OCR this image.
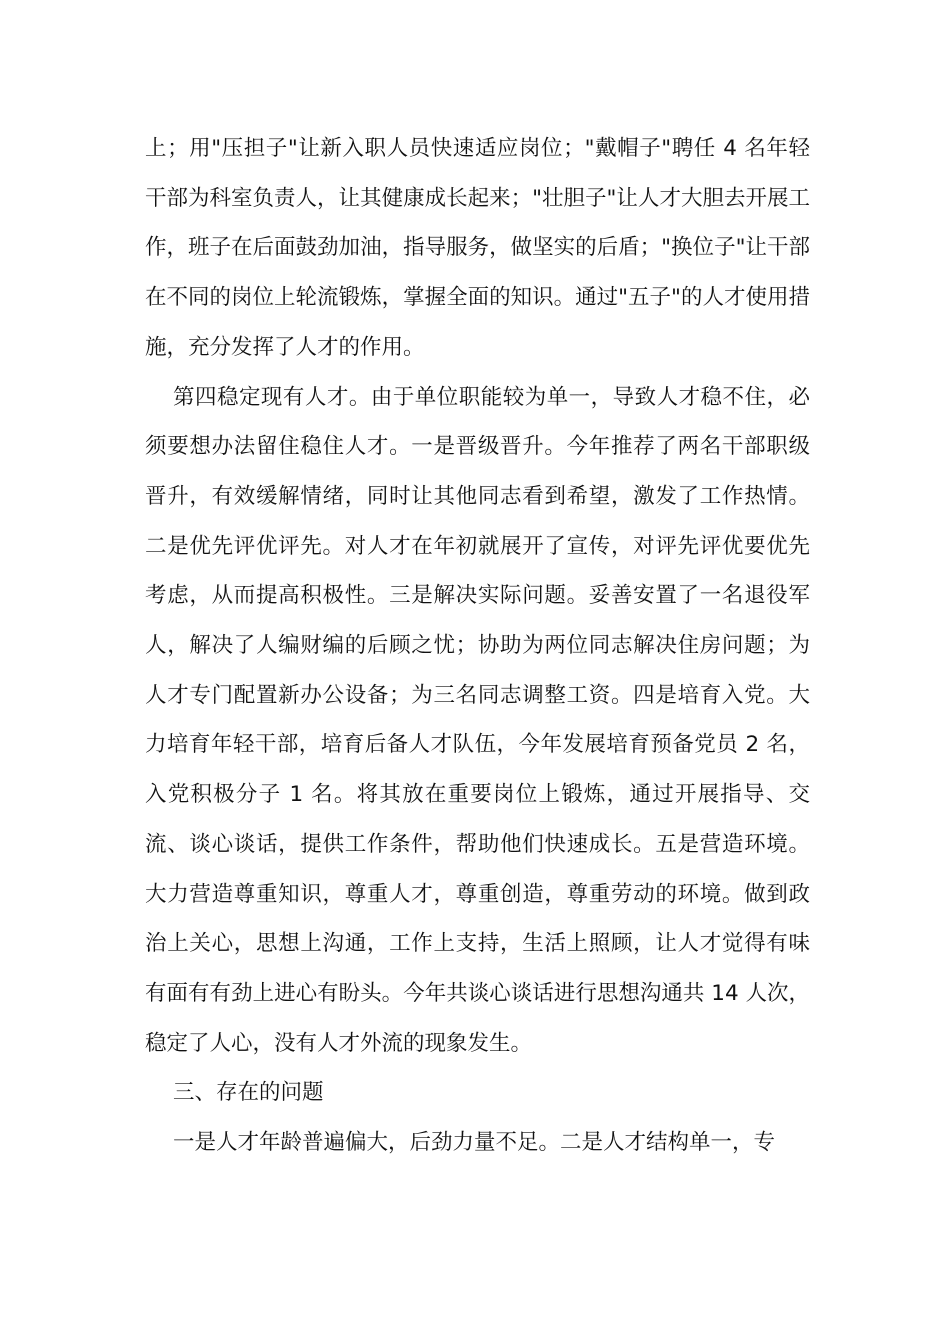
上；用"压担子"让新入职人员快速适应岗位；"戴帽子"聘任 4 名年轻干部为科室负责人，让其健康成长起来；"壮胆子"让人才大胆去开展工作，班子在后面鼓劲加油，指导服务，做坚实的后盾；"换位子"让干部在不同的岗位上轮流锻炼，掌握全面的知识。通过"五子"的人才使用措施，充分发挥了人才的作用。

第四稳定现有人才。由于单位职能较为单一，导致人才稳不住，必须要想办法留住稳住人才。一是晋级晋升。今年推荐了两名干部职级晋升，有效缓解情绪，同时让其他同志看到希望，激发了工作热情。二是优先评优评先。对人才在年初就展开了宣传，对评先评优要优先考虑，从而提高积极性。三是解决实际问题。妥善安置了一名退役军人，解决了人编财编的后顾之忧；协助为两位同志解决住房问题；为人才专门配置新办公设备；为三名同志调整工资。四是培育入党。大力培育年轻干部，培育后备人才队伍，今年发展培育预备党员 2 名，入党积极分子 1 名。将其放在重要岗位上锻炼，通过开展指导、交流、谈心谈话，提供工作条件，帮助他们快速成长。五是营造环境。大力营造尊重知识，尊重人才，尊重创造，尊重劳动的环境。做到政治上关心，思想上沟通，工作上支持，生活上照顾，让人才觉得有味有面有有劲上进心有盼头。今年共谈心谈话进行思想沟通共 14 人次，稳定了人心，没有人才外流的现象发生。

三、存在的问题

一是人才年龄普遍偏大，后劲力量不足。二是人才结构单一，专
